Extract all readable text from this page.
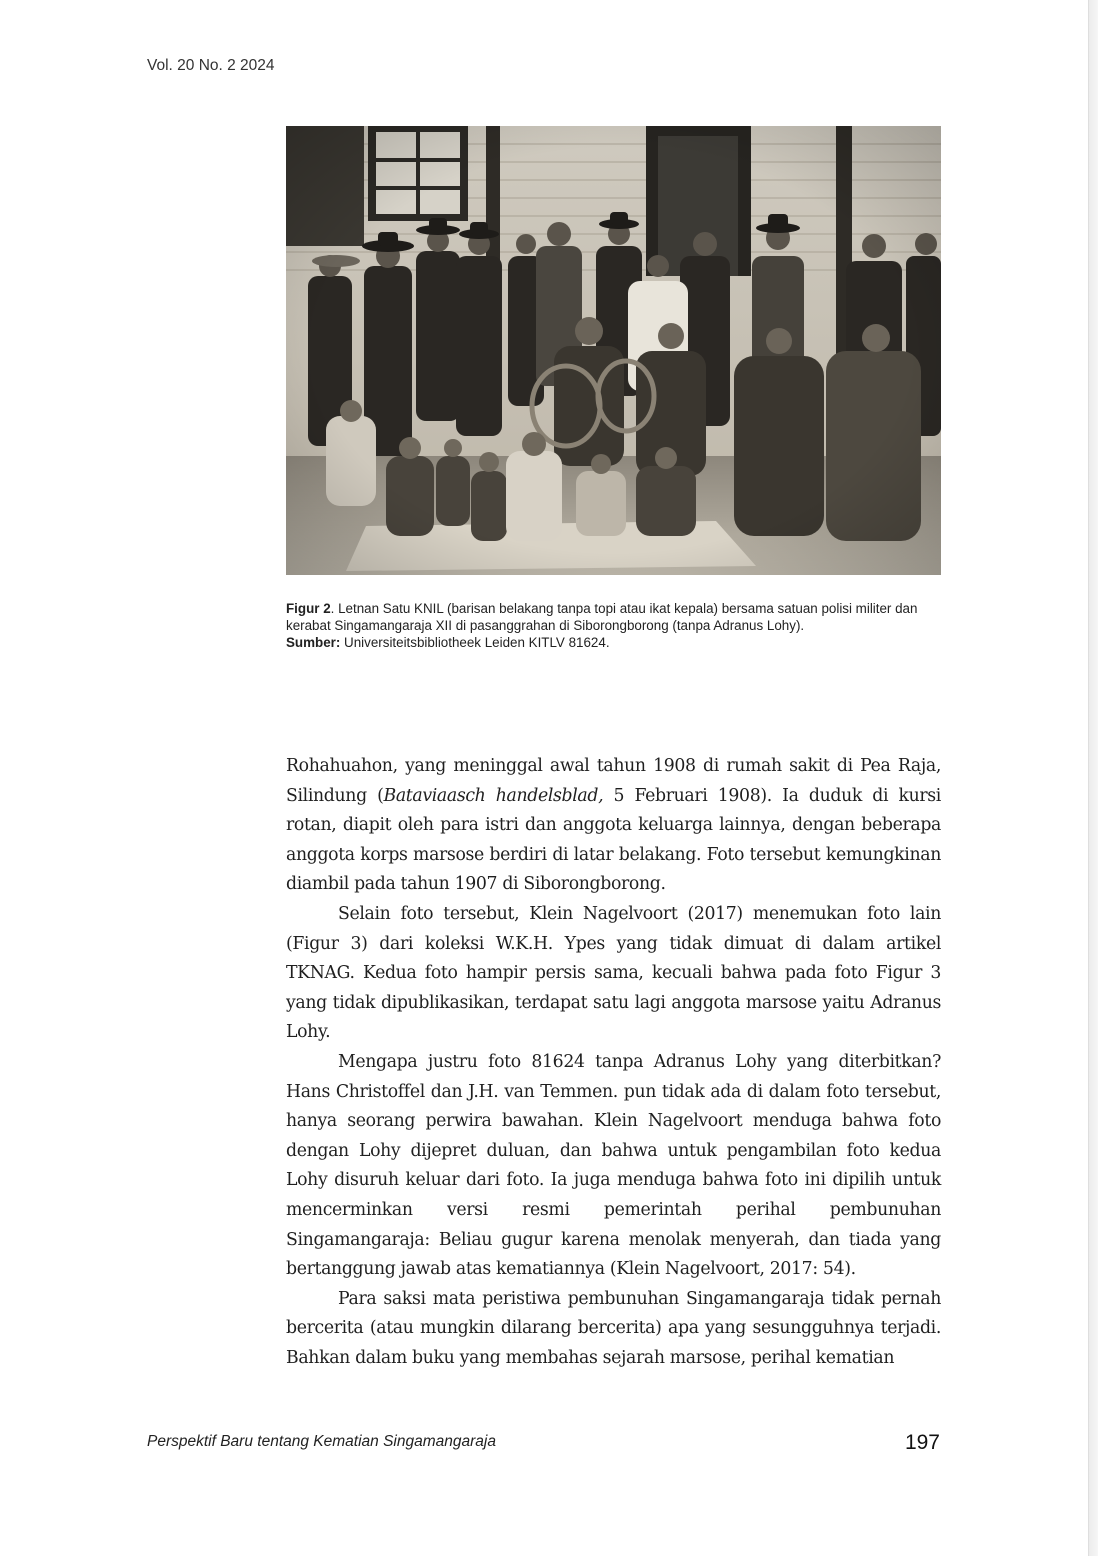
Vol. 20 No. 2 2024
Figur 2. Letnan Satu KNIL (barisan belakang tanpa topi atau ikat kepala) bersama satuan polisi militer dan kerabat Singamangaraja XII di pasanggrahan di Siborongborong (tanpa Adranus Lohy).
Sumber: Universiteitsbibliotheek Leiden KITLV 81624.

Rohahuahon, yang meninggal awal tahun 1908 di rumah sakit di Pea Raja, Silindung (Bataviaasch handelsblad, 5 Februari 1908). Ia duduk di kursi rotan, diapit oleh para istri dan anggota keluarga lainnya, dengan beberapa anggota korps marsose berdiri di latar belakang. Foto tersebut kemungkinan diambil pada tahun 1907 di Siborongborong.

Selain foto tersebut, Klein Nagelvoort (2017) menemukan foto lain (Figur 3) dari koleksi W.K.H. Ypes yang tidak dimuat di dalam artikel TKNAG. Kedua foto hampir persis sama, kecuali bahwa pada foto Figur 3 yang tidak dipublikasikan, terdapat satu lagi anggota marsose yaitu Adranus Lohy.

Mengapa justru foto 81624 tanpa Adranus Lohy yang diterbitkan? Hans Christoffel dan J.H. van Temmen. pun tidak ada di dalam foto tersebut, hanya seorang perwira bawahan. Klein Nagelvoort menduga bahwa foto dengan Lohy dijepret duluan, dan bahwa untuk pengambilan foto kedua Lohy disuruh keluar dari foto. Ia juga menduga bahwa foto ini dipilih untuk mencerminkan versi resmi pemerintah perihal pembunuhan Singamangaraja: Beliau gugur karena menolak menyerah, dan tiada yang bertanggung jawab atas kematiannya (Klein Nagelvoort, 2017: 54).

Para saksi mata peristiwa pembunuhan Singamangaraja tidak pernah bercerita (atau mungkin dilarang bercerita) apa yang sesungguhnya terjadi. Bahkan dalam buku yang membahas sejarah marsose, perihal kematian

Perspektif Baru tentang Kematian Singamangaraja	197
